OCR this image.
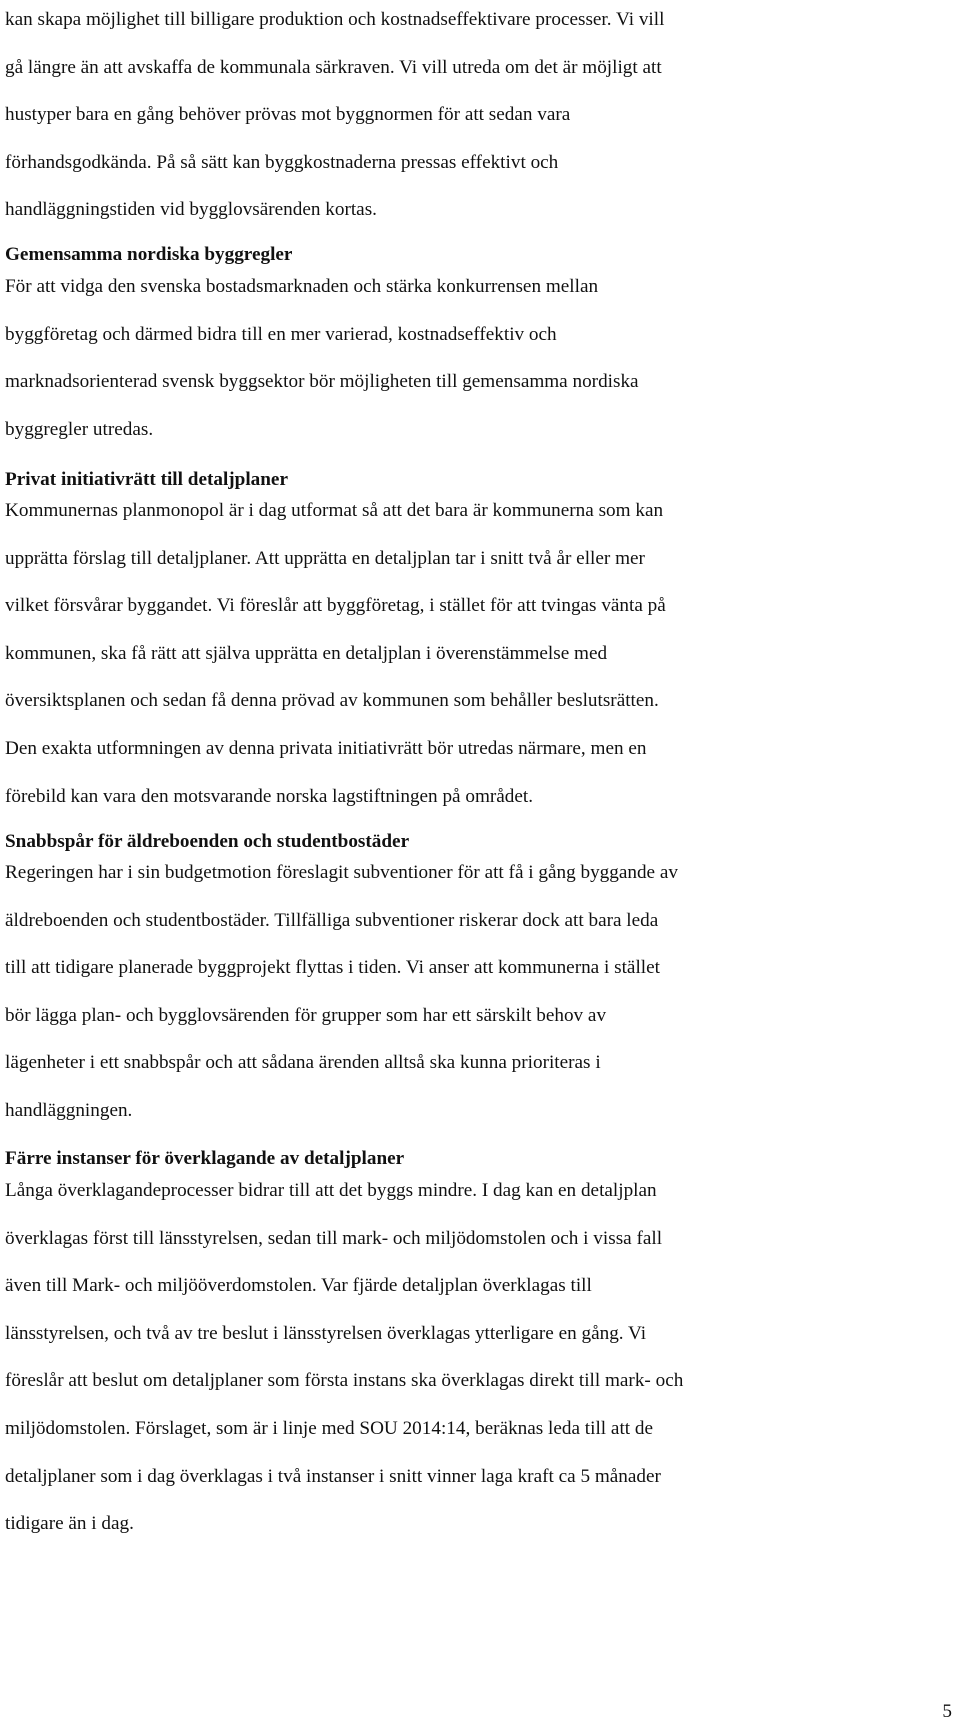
kan skapa möjlighet till billigare produktion och kostnadseffektivare processer. Vi vill
gå längre än att avskaffa de kommunala särkraven. Vi vill utreda om det är möjligt att
hustyper bara en gång behöver prövas mot byggnormen för att sedan vara
förhandsgodkända. På så sätt kan byggkostnaderna pressas effektivt och
handläggningstiden vid bygglovsärenden kortas.
Gemensamma nordiska byggregler
För att vidga den svenska bostadsmarknaden och stärka konkurrensen mellan
byggföretag och därmed bidra till en mer varierad, kostnadseffektiv och
marknadsorienterad svensk byggsektor bör möjligheten till gemensamma nordiska
byggregler utredas.
Privat initiativrätt till detaljplaner
Kommunernas planmonopol är i dag utformat så att det bara är kommunerna som kan
upprätta förslag till detaljplaner. Att upprätta en detaljplan tar i snitt två år eller mer
vilket försvårar byggandet. Vi föreslår att byggföretag, i stället för att tvingas vänta på
kommunen, ska få rätt att själva upprätta en detaljplan i överenstämmelse med
översiktsplanen och sedan få denna prövad av kommunen som behåller beslutsrätten.
Den exakta utformningen av denna privata initiativrätt bör utredas närmare, men en
förebild kan vara den motsvarande norska lagstiftningen på området.
Snabbspår för äldreboenden och studentbostäder
Regeringen har i sin budgetmotion föreslagit subventioner för att få i gång byggande av
äldreboenden och studentbostäder. Tillfälliga subventioner riskerar dock att bara leda
till att tidigare planerade byggprojekt flyttas i tiden. Vi anser att kommunerna i stället
bör lägga plan- och bygglovsärenden för grupper som har ett särskilt behov av
lägenheter i ett snabbspår och att sådana ärenden alltså ska kunna prioriteras i
handläggningen.
Färre instanser för överklagande av detaljplaner
Långa överklagandeprocesser bidrar till att det byggs mindre. I dag kan en detaljplan
överklagas först till länsstyrelsen, sedan till mark- och miljödomstolen och i vissa fall
även till Mark- och miljööverdomstolen. Var fjärde detaljplan överklagas till
länsstyrelsen, och två av tre beslut i länsstyrelsen överklagas ytterligare en gång. Vi
föreslår att beslut om detaljplaner som första instans ska överklagas direkt till mark- och
miljödomstolen. Förslaget, som är i linje med SOU 2014:14, beräknas leda till att de
detaljplaner som i dag överklagas i två instanser i snitt vinner laga kraft ca 5 månader
tidigare än i dag.
5
